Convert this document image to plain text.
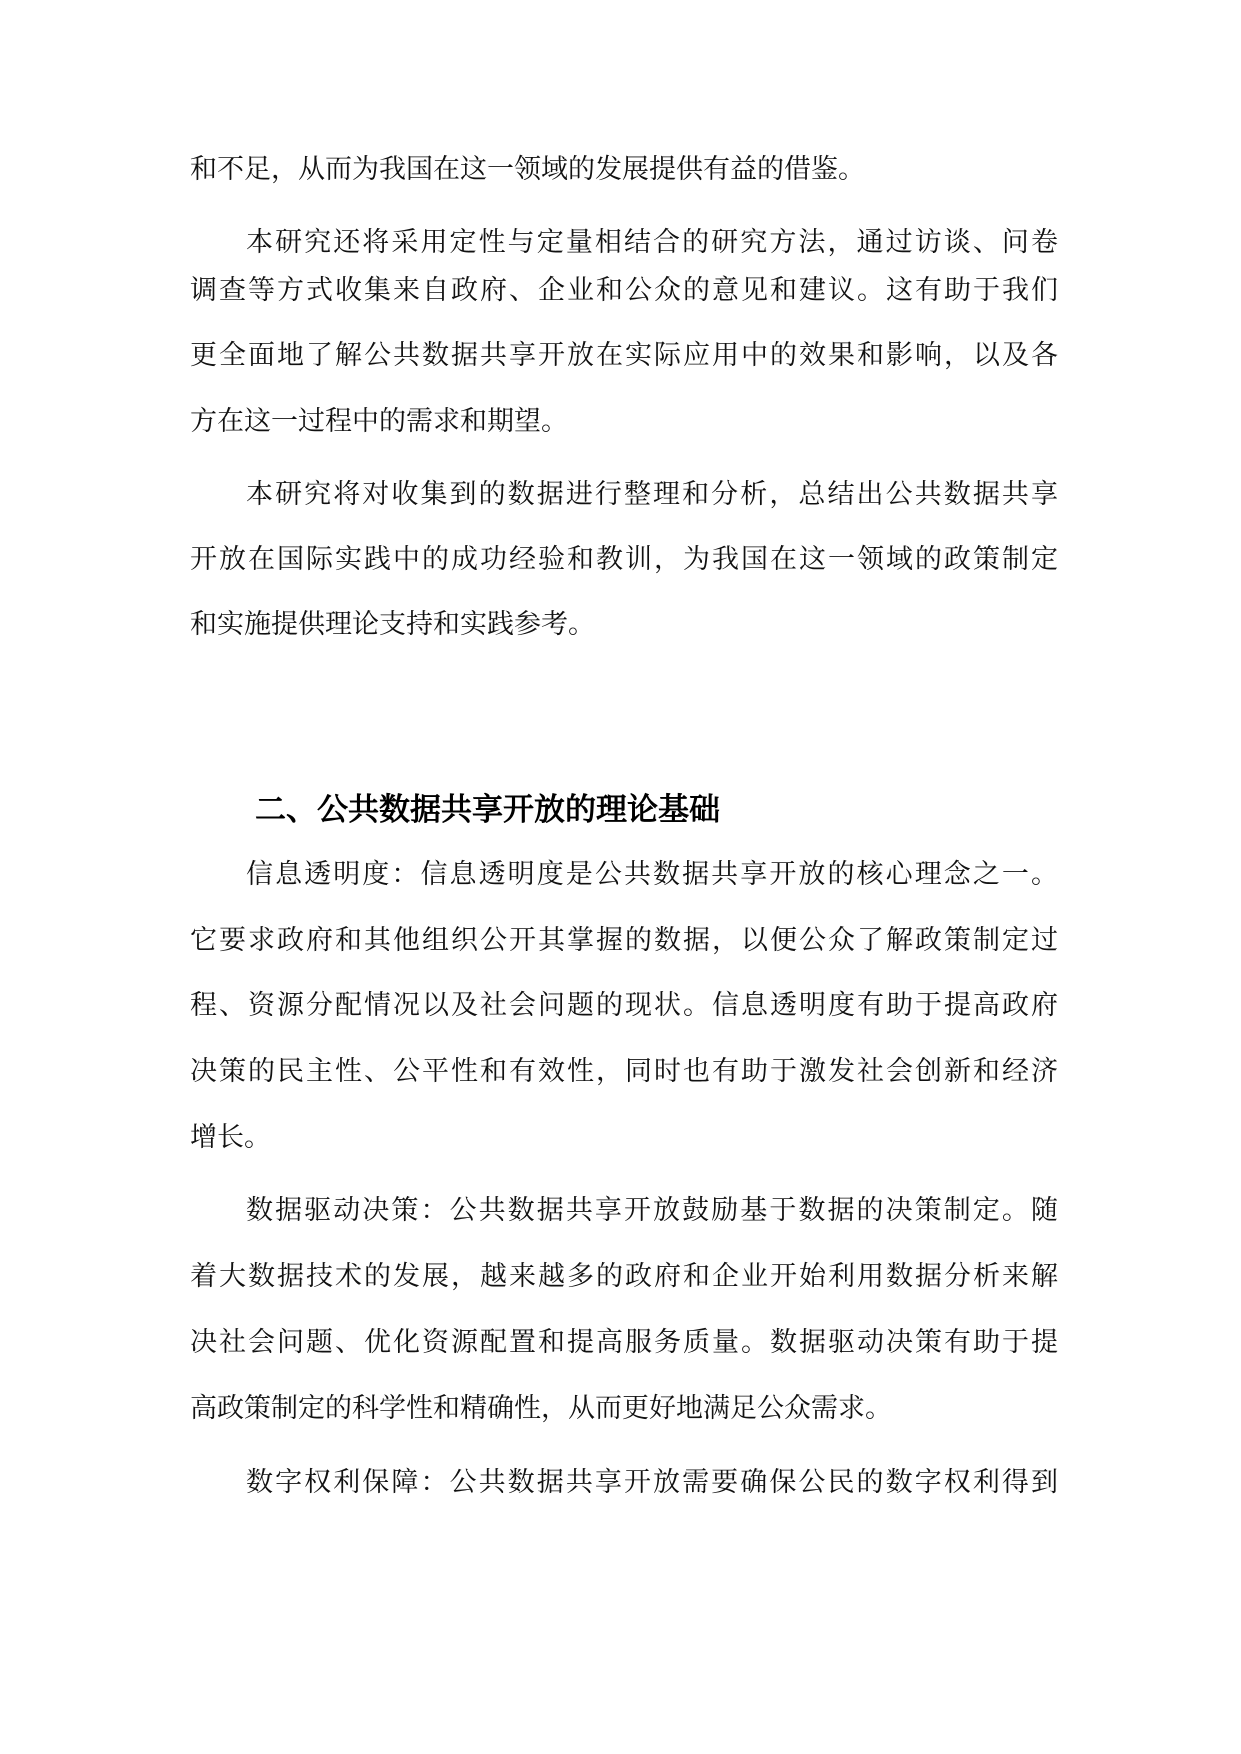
和不足，从而为我国在这一领域的发展提供有益的借鉴。
本研究还将采用定性与定量相结合的研究方法，通过访谈、问卷
调查等方式收集来自政府、企业和公众的意见和建议。这有助于我们
更全面地了解公共数据共享开放在实际应用中的效果和影响，以及各
方在这一过程中的需求和期望。
本研究将对收集到的数据进行整理和分析，总结出公共数据共享
开放在国际实践中的成功经验和教训，为我国在这一领域的政策制定
和实施提供理论支持和实践参考。
二、公共数据共享开放的理论基础
信息透明度：信息透明度是公共数据共享开放的核心理念之一。
它要求政府和其他组织公开其掌握的数据，以便公众了解政策制定过
程、资源分配情况以及社会问题的现状。信息透明度有助于提高政府
决策的民主性、公平性和有效性，同时也有助于激发社会创新和经济
增长。
数据驱动决策：公共数据共享开放鼓励基于数据的决策制定。随
着大数据技术的发展，越来越多的政府和企业开始利用数据分析来解
决社会问题、优化资源配置和提高服务质量。数据驱动决策有助于提
高政策制定的科学性和精确性，从而更好地满足公众需求。
数字权利保障：公共数据共享开放需要确保公民的数字权利得到
